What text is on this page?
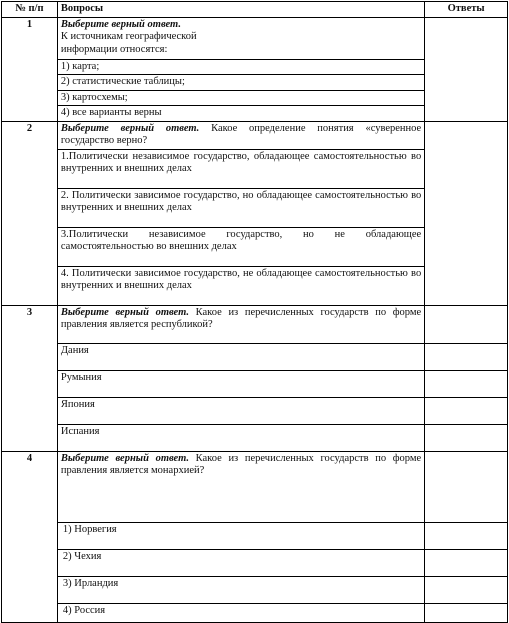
№ п/п	Вопросы	Ответы
1	Выберите верный ответ.
К источникам географической
информации относятся:	

	1) карта;	
	2) статистические таблицы;	
	3) картосхемы;	
	4) все варианты верны	
2	Выберите верный ответ. Какое определение понятия «суверенное государство верно?	
	1.Политически независимое государство, обладающее самостоятельностью во внутренних и внешних делах	
	2. Политически зависимое государство, но обладающее самостоятельностью во внутренних и внешних делах	
	3.Политически независимое государство, но не обладающее самостоятельностью во внешних делах	
	4. Политически зависимое государство, не обладающее самостоятельностью во внутренних и внешних делах	
3	Выберите верный ответ. Какое из перечисленных государств по форме правления является республикой?	
	Дания	
	Румыния	
	Япония	
	Испания	
4	Выберите верный ответ. Какое из перечисленных государств по форме правления является монархией?	
	1) Норвегия	
	2) Чехия	
	3) Ирландия	
	4) Россия	
